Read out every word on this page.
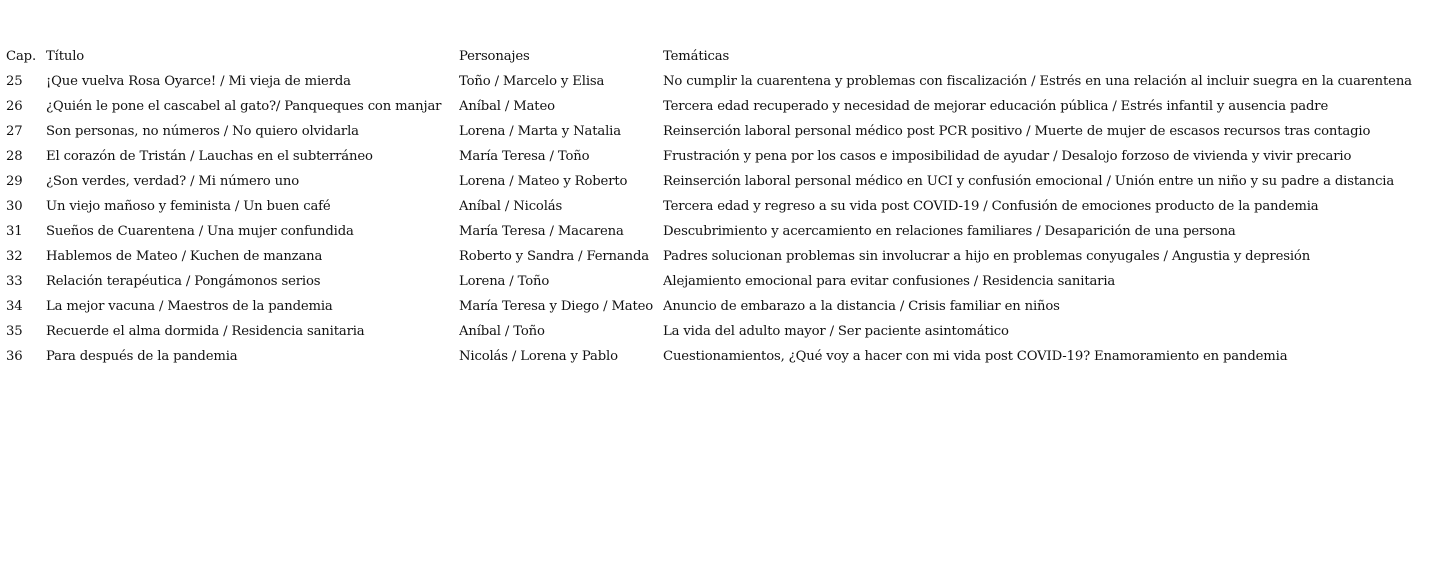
Cap.	Título	Personajes	Temáticas
25	¡Que vuelva Rosa Oyarce! / Mi vieja de mierda	Toño / Marcelo y Elisa	No cumplir la cuarentena y problemas con fiscalización / Estrés en una relación al incluir suegra en la cuarentena
26	¿Quién le pone el cascabel al gato?/ Panqueques con manjar	Aníbal / Mateo	Tercera edad recuperado y necesidad de mejorar educación pública / Estrés infantil y ausencia padre
27	Son personas, no números / No quiero olvidarla	Lorena / Marta y Natalia	Reinserción laboral personal médico post PCR positivo / Muerte de mujer de escasos recursos tras contagio
28	El corazón de Tristán / Lauchas en el subterráneo	María Teresa / Toño	Frustración y pena por los casos e imposibilidad de ayudar / Desalojo forzoso de vivienda y vivir precario
29	¿Son verdes, verdad? / Mi número uno	Lorena / Mateo y Roberto	Reinserción laboral personal médico en UCI y confusión emocional / Unión entre un niño y su padre a distancia
30	Un viejo mañoso y feminista / Un buen café	Aníbal / Nicolás	Tercera edad y regreso a su vida post COVID-19 / Confusión de emociones producto de la pandemia
31	Sueños de Cuarentena / Una mujer confundida	María Teresa / Macarena	Descubrimiento y acercamiento en relaciones familiares / Desaparición de una persona
32	Hablemos de Mateo / Kuchen de manzana	Roberto y Sandra / Fernanda	Padres solucionan problemas sin involucrar a hijo en problemas conyugales / Angustia y depresión
33	Relación terapéutica / Pongámonos serios	Lorena / Toño	Alejamiento emocional para evitar confusiones / Residencia sanitaria
34	La mejor vacuna / Maestros de la pandemia	María Teresa y Diego / Mateo	Anuncio de embarazo a la distancia / Crisis familiar en niños
35	Recuerde el alma dormida / Residencia sanitaria	Aníbal / Toño	La vida del adulto mayor / Ser paciente asintomático
36	Para después de la pandemia	Nicolás / Lorena y Pablo	Cuestionamientos, ¿Qué voy a hacer con mi vida post COVID-19? Enamoramiento en pandemia
